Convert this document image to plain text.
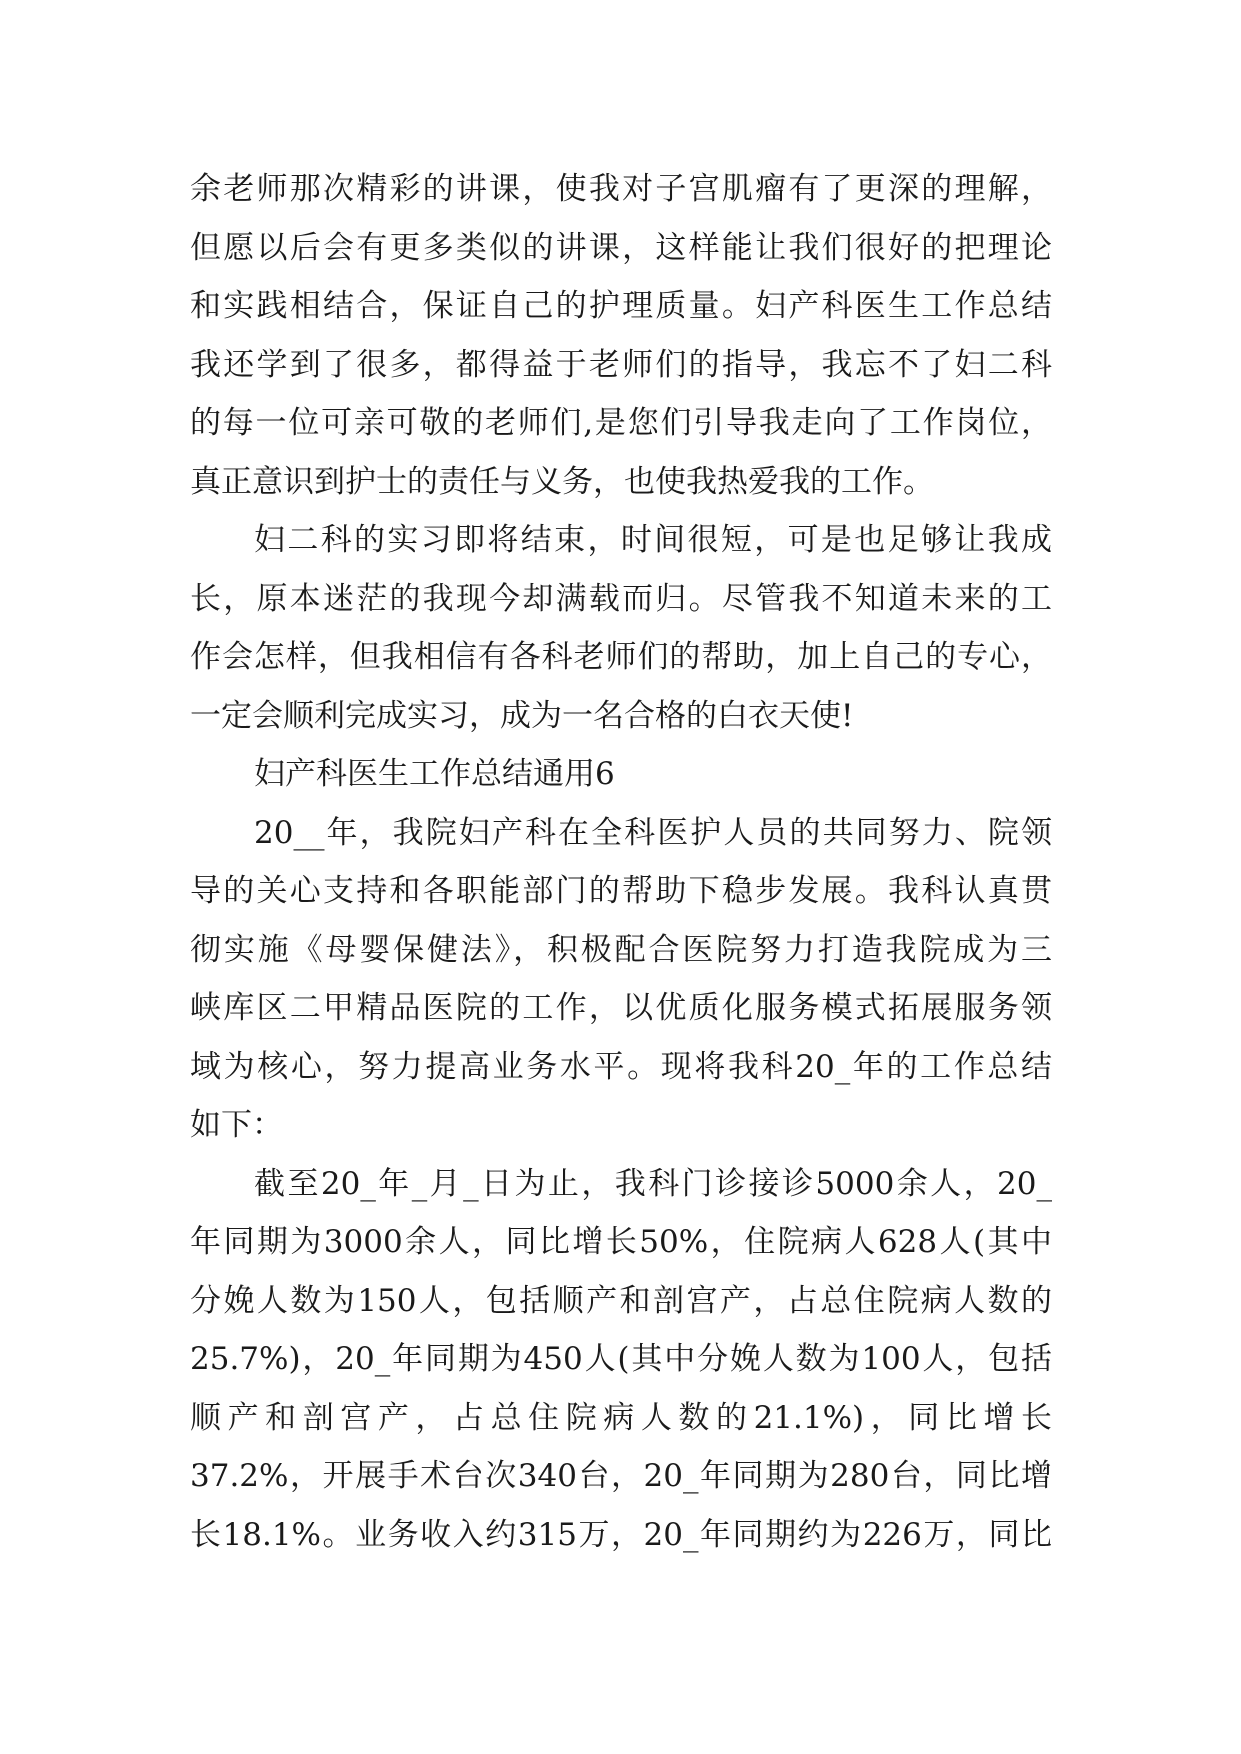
余老师那次精彩的讲课，使我对子宫肌瘤有了更深的理解，
但愿以后会有更多类似的讲课，这样能让我们很好的把理论
和实践相结合，保证自己的护理质量。妇产科医生工作总结
我还学到了很多，都得益于老师们的指导，我忘不了妇二科
的每一位可亲可敬的老师们,是您们引导我走向了工作岗位，
真正意识到护士的责任与义务，也使我热爱我的工作。
妇二科的实习即将结束，时间很短，可是也足够让我成
长，原本迷茫的我现今却满载而归。尽管我不知道未来的工
作会怎样，但我相信有各科老师们的帮助，加上自己的专心，
一定会顺利完成实习，成为一名合格的白衣天使!
妇产科医生工作总结通用6
20__年，我院妇产科在全科医护人员的共同努力、院领
导的关心支持和各职能部门的帮助下稳步发展。我科认真贯
彻实施《母婴保健法》，积极配合医院努力打造我院成为三
峡库区二甲精品医院的工作，以优质化服务模式拓展服务领
域为核心，努力提高业务水平。现将我科20_年的工作总结
如下：
截至20_年_月_日为止，我科门诊接诊5000余人，20_
年同期为3000余人，同比增长50%，住院病人628人(其中
分娩人数为150人，包括顺产和剖宫产，占总住院病人数的
25.7%)，20_年同期为450人(其中分娩人数为100人，包括
顺产和剖宫产，占总住院病人数的21.1%)，同比增长
37.2%，开展手术台次340台，20_年同期为280台，同比增
长18.1%。业务收入约315万，20_年同期约为226万，同比
